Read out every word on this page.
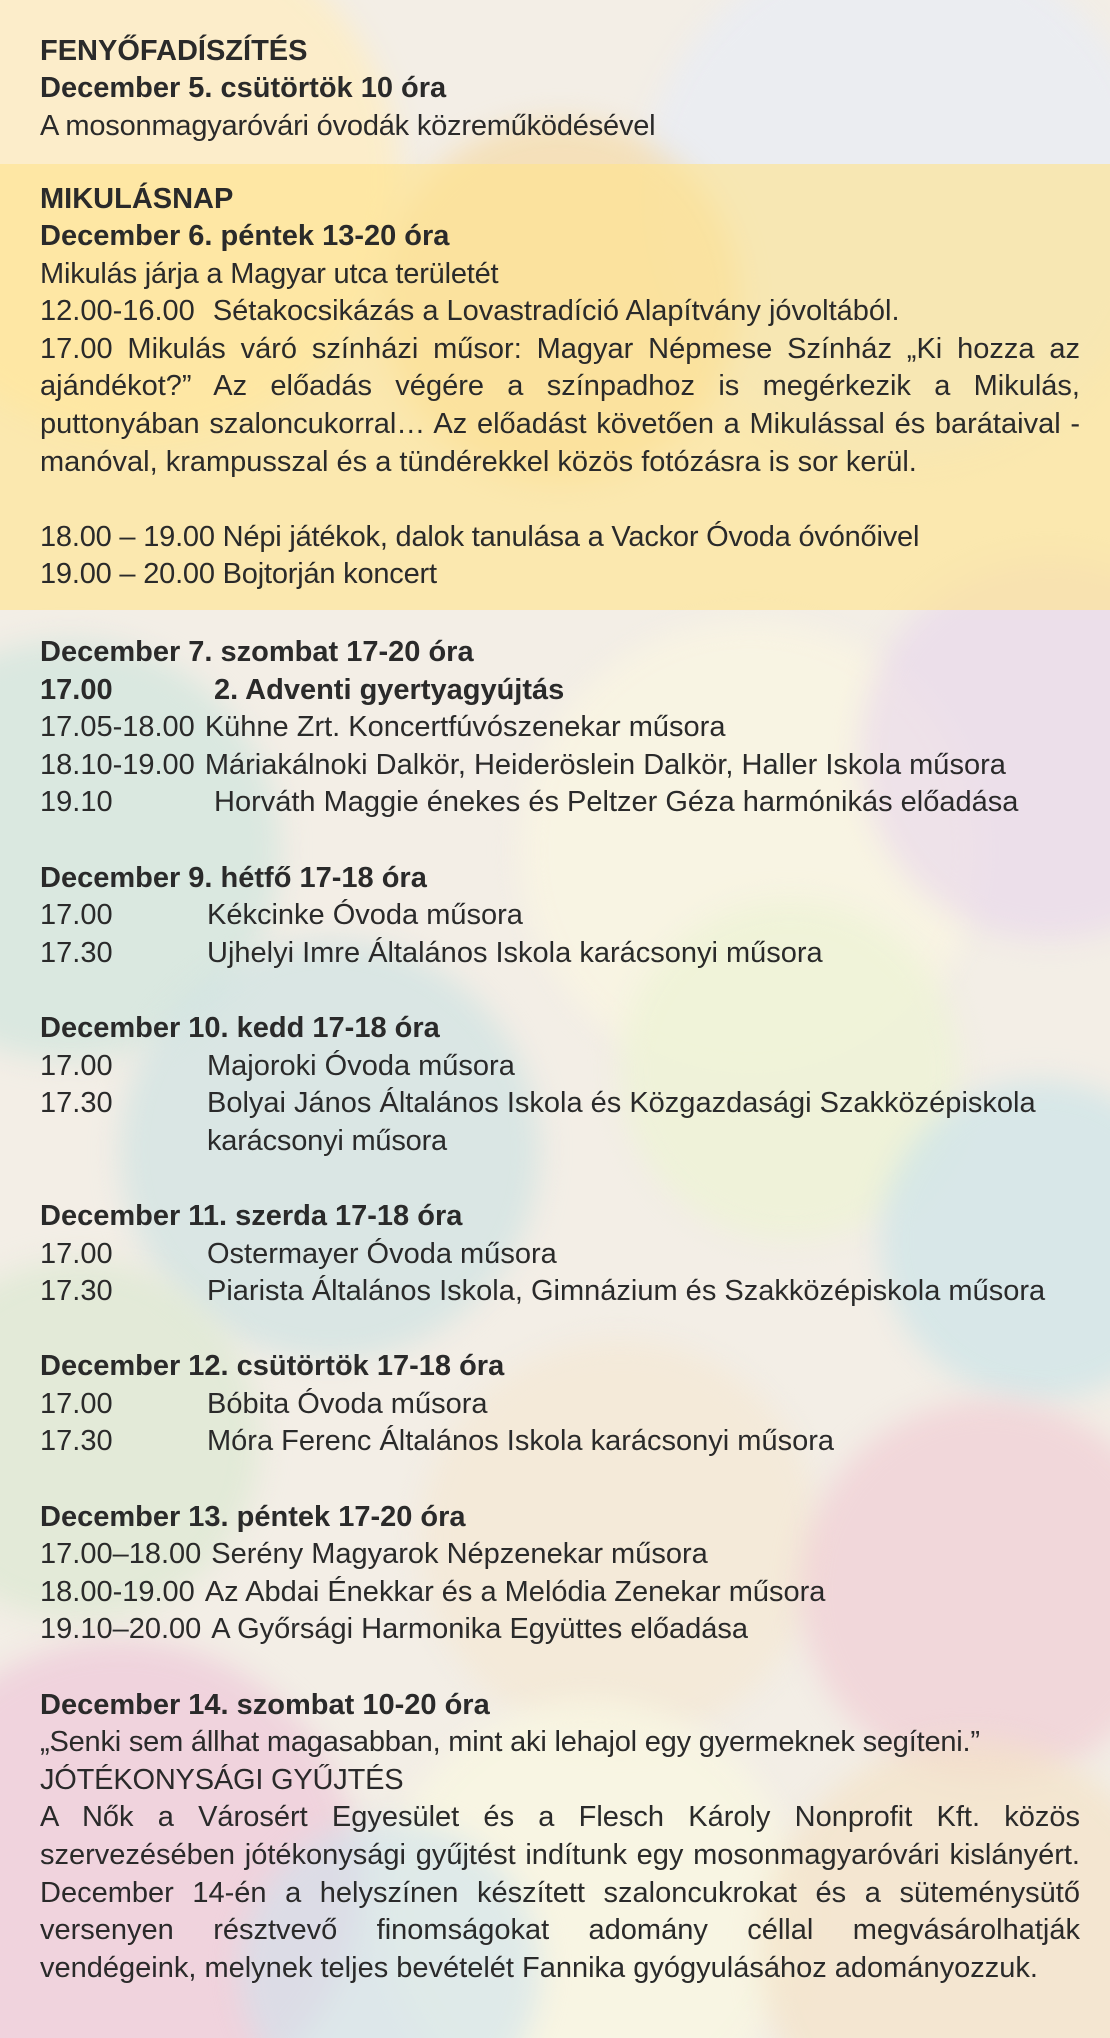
FENYŐFADÍSZÍTÉS
December 5. csütörtök 10 óra
A mosonmagyaróvári óvodák közreműködésével
MIKULÁSNAP
December 6. péntek 13-20 óra
Mikulás járja a Magyar utca területét
12.00-16.00 Sétakocsikázás a Lovastradíció Alapítvány jóvoltából.
17.00 Mikulás váró színházi műsor: Magyar Népmese Színház „Ki hozza az ajándékot?” Az előadás végére a színpadhoz is megérkezik a Mikulás, puttonyában szaloncukorral… Az előadást követően a Mikulással és barátaival - manóval, krampusszal és a tündérekkel közös fotózásra is sor kerül.
18.00 – 19.00 Népi játékok, dalok tanulása a Vackor Óvoda óvónőivel
19.00 – 20.00 Bojtorján koncert
December 7. szombat 17-20 óra
17.00	2. Adventi gyertyagyújtás
17.05-18.00 Kühne Zrt. Koncertfúvószenekar műsora
18.10-19.00 Máriakálnoki Dalkör, Heideröslein Dalkör, Haller Iskola műsora
19.10	Horváth Maggie énekes és Peltzer Géza harmónikás előadása
December 9. hétfő 17-18 óra
17.00	Kékcinke Óvoda műsora
17.30	Ujhelyi Imre Általános Iskola karácsonyi műsora
December 10. kedd 17-18 óra
17.00	Majoroki Óvoda műsora
17.30	Bolyai János Általános Iskola és Közgazdasági Szakközépiskola
karácsonyi műsora
December 11. szerda 17-18 óra
17.00	Ostermayer Óvoda műsora
17.30	Piarista Általános Iskola, Gimnázium és Szakközépiskola műsora
December 12. csütörtök 17-18 óra
17.00	Bóbita Óvoda műsora
17.30	Móra Ferenc Általános Iskola karácsonyi műsora
December 13. péntek 17-20 óra
17.00–18.00 Serény Magyarok Népzenekar műsora
18.00-19.00 Az Abdai Énekkar és a Melódia Zenekar műsora
19.10–20.00 A Győrsági Harmonika Együttes előadása
December 14. szombat 10-20 óra
„Senki sem állhat magasabban, mint aki lehajol egy gyermeknek segíteni.”
JÓTÉKONYSÁGI GYŰJTÉS
A Nők a Városért Egyesület és a Flesch Károly Nonprofit Kft. közös szervezésében jótékonysági gyűjtést indítunk egy mosonmagyaróvári kislányért. December 14-én a helyszínen készített szaloncukrokat és a süteménysütő versenyen résztvevő finomságokat adomány céllal megvásárolhatják vendégeink, melynek teljes bevételét Fannika gyógyulásához adományozzuk.
